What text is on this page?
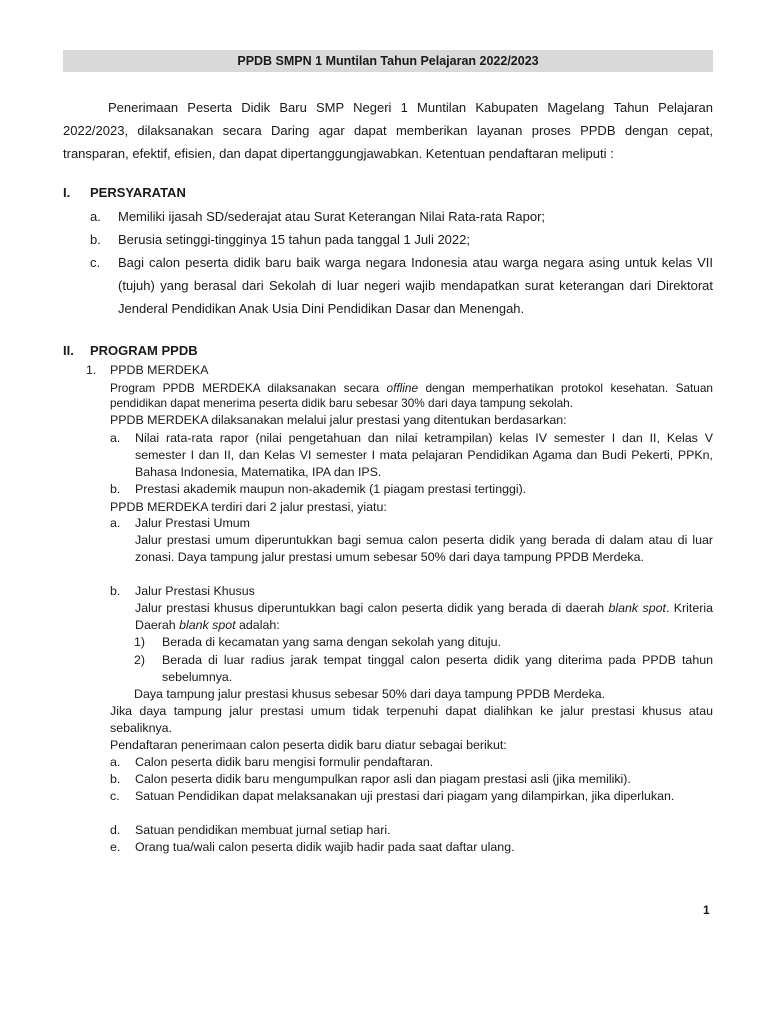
PPDB SMPN 1 Muntilan Tahun Pelajaran 2022/2023
Penerimaan Peserta Didik Baru SMP Negeri 1 Muntilan Kabupaten Magelang Tahun Pelajaran 2022/2023, dilaksanakan secara Daring agar dapat memberikan layanan proses PPDB dengan cepat, transparan, efektif, efisien, dan dapat dipertanggungjawabkan. Ketentuan pendaftaran meliputi :
I. PERSYARATAN
a. Memiliki ijasah SD/sederajat atau Surat Keterangan Nilai Rata-rata Rapor;
b. Berusia setinggi-tingginya 15 tahun pada tanggal 1 Juli 2022;
c. Bagi calon peserta didik baru baik warga negara Indonesia atau warga negara asing untuk kelas VII (tujuh) yang berasal dari Sekolah di luar negeri wajib mendapatkan surat keterangan dari Direktorat Jenderal Pendidikan Anak Usia Dini Pendidikan Dasar dan Menengah.
II. PROGRAM PPDB
1. PPDB MERDEKA
Program PPDB MERDEKA dilaksanakan secara offline dengan memperhatikan protokol kesehatan. Satuan pendidikan dapat menerima peserta didik baru sebesar 30% dari daya tampung sekolah.
PPDB MERDEKA dilaksanakan melalui jalur prestasi yang ditentukan berdasarkan:
a. Nilai rata-rata rapor (nilai pengetahuan dan nilai ketrampilan) kelas IV semester I dan II, Kelas V semester I dan II, dan Kelas VI semester I mata pelajaran Pendidikan Agama dan Budi Pekerti, PPKn, Bahasa Indonesia, Matematika, IPA dan IPS.
b. Prestasi akademik maupun non-akademik (1 piagam prestasi tertinggi).
PPDB MERDEKA terdiri dari 2 jalur prestasi, yiatu:
a. Jalur Prestasi Umum
Jalur prestasi umum diperuntukkan bagi semua calon peserta didik yang berada di dalam atau di luar zonasi. Daya tampung jalur prestasi umum sebesar 50% dari daya tampung PPDB Merdeka.
b. Jalur Prestasi Khusus
Jalur prestasi khusus diperuntukkan bagi calon peserta didik yang berada di daerah blank spot. Kriteria Daerah blank spot adalah:
1) Berada di kecamatan yang sama dengan sekolah yang dituju.
2) Berada di luar radius jarak tempat tinggal calon peserta didik yang diterima pada PPDB tahun sebelumnya.
Daya tampung jalur prestasi khusus sebesar 50% dari daya tampung PPDB Merdeka.
Jika daya tampung jalur prestasi umum tidak terpenuhi dapat dialihkan ke jalur prestasi khusus atau sebaliknya.
Pendaftaran penerimaan calon peserta didik baru diatur sebagai berikut:
a. Calon peserta didik baru mengisi formulir pendaftaran.
b. Calon peserta didik baru mengumpulkan rapor asli dan piagam prestasi asli (jika memiliki).
c. Satuan Pendidikan dapat melaksanakan uji prestasi dari piagam yang dilampirkan, jika diperlukan.
d. Satuan pendidikan membuat jurnal setiap hari.
e. Orang tua/wali calon peserta didik wajib hadir pada saat daftar ulang.
1
